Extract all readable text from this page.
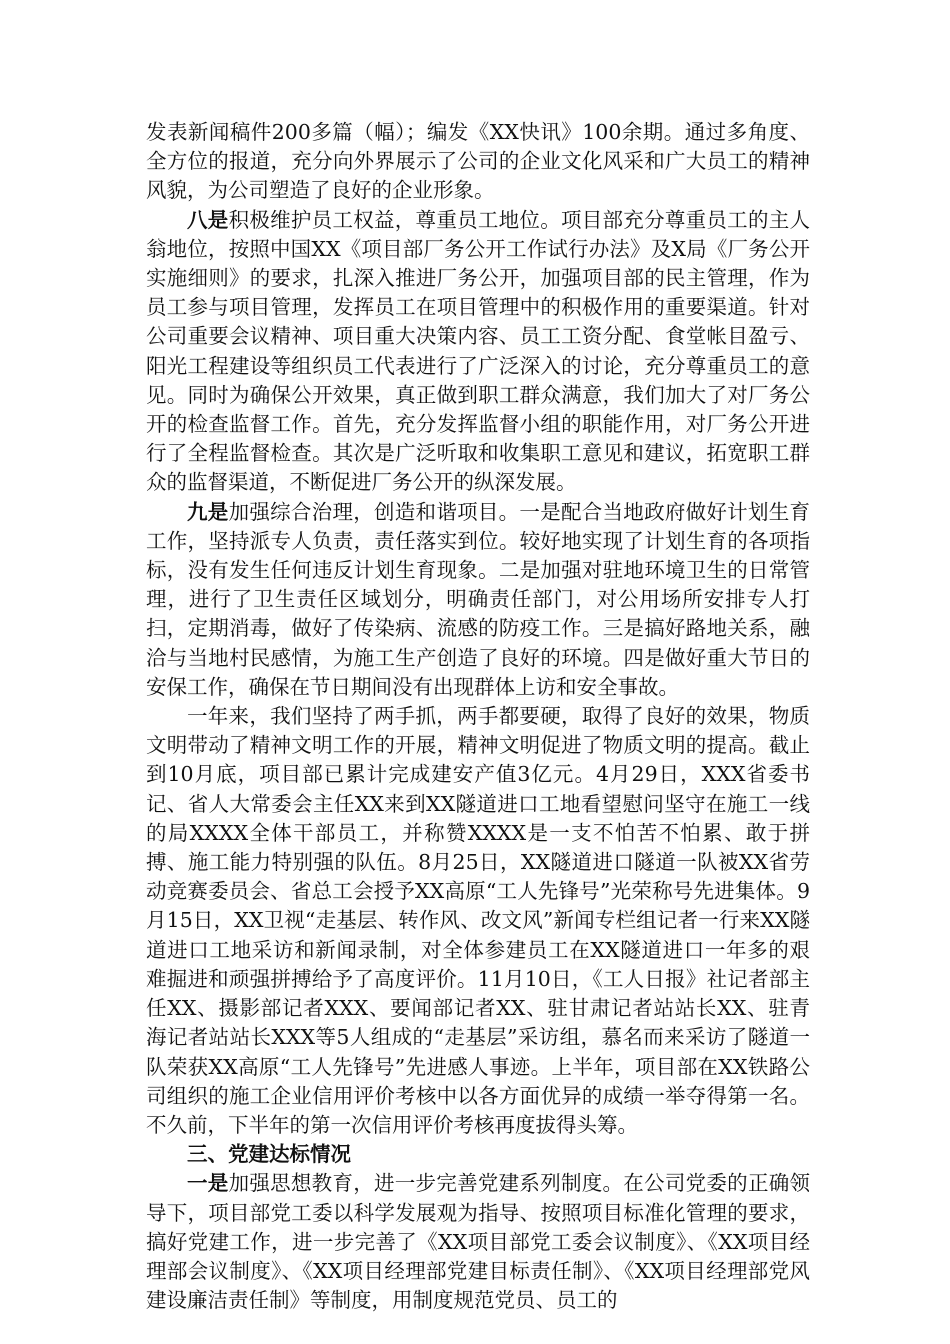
发表新闻稿件200多篇（幅）；编发《XX快讯》100余期。通过多角度、全方位的报道，充分向外界展示了公司的企业文化风采和广大员工的精神风貌，为公司塑造了良好的企业形象。

八是积极维护员工权益，尊重员工地位。项目部充分尊重员工的主人翁地位，按照中国XX《项目部厂务公开工作试行办法》及X局《厂务公开实施细则》的要求，扎深入推进厂务公开，加强项目部的民主管理，作为员工参与项目管理，发挥员工在项目管理中的积极作用的重要渠道。针对公司重要会议精神、项目重大决策内容、员工工资分配、食堂帐目盈亏、阳光工程建设等组织员工代表进行了广泛深入的讨论，充分尊重员工的意见。同时为确保公开效果，真正做到职工群众满意，我们加大了对厂务公开的检查监督工作。首先，充分发挥监督小组的职能作用，对厂务公开进行了全程监督检查。其次是广泛听取和收集职工意见和建议，拓宽职工群众的监督渠道，不断促进厂务公开的纵深发展。

九是加强综合治理，创造和谐项目。一是配合当地政府做好计划生育工作，坚持派专人负责，责任落实到位。较好地实现了计划生育的各项指标，没有发生任何违反计划生育现象。二是加强对驻地环境卫生的日常管理，进行了卫生责任区域划分，明确责任部门，对公用场所安排专人打扫，定期消毒，做好了传染病、流感的防疫工作。三是搞好路地关系，融洽与当地村民感情，为施工生产创造了良好的环境。四是做好重大节日的安保工作，确保在节日期间没有出现群体上访和安全事故。

一年来，我们坚持了两手抓，两手都要硬，取得了良好的效果，物质文明带动了精神文明工作的开展，精神文明促进了物质文明的提高。截止到10月底，项目部已累计完成建安产值3亿元。4月29日，XXX省委书记、省人大常委会主任XX来到XX隧道进口工地看望慰问坚守在施工一线的局XXXX全体干部员工，并称赞XXXX是一支不怕苦不怕累、敢于拼搏、施工能力特别强的队伍。8月25日，XX隧道进口隧道一队被XX省劳动竞赛委员会、省总工会授予XX高原“工人先锋号”光荣称号先进集体。9月15日，XX卫视“走基层、转作风、改文风”新闻专栏组记者一行来XX隧道进口工地采访和新闻录制，对全体参建员工在XX隧道进口一年多的艰难掘进和顽强拼搏给予了高度评价。11月10日，《工人日报》社记者部主任XX、摄影部记者XXX、要闻部记者XX、驻甘肃记者站站长XX、驻青海记者站站长XXX等5人组成的“走基层”采访组，慕名而来采访了隧道一队荣获XX高原“工人先锋号”先进感人事迹。上半年，项目部在XX铁路公司组织的施工企业信用评价考核中以各方面优异的成绩一举夺得第一名。不久前，下半年的第一次信用评价考核再度拔得头筹。

三、党建达标情况

一是加强思想教育，进一步完善党建系列制度。在公司党委的正确领导下，项目部党工委以科学发展观为指导、按照项目标准化管理的要求，搞好党建工作，进一步完善了《XX项目部党工委会议制度》、《XX项目经理部会议制度》、《XX项目经理部党建目标责任制》、《XX项目经理部党风建设廉洁责任制》等制度，用制度规范党员、员工的
